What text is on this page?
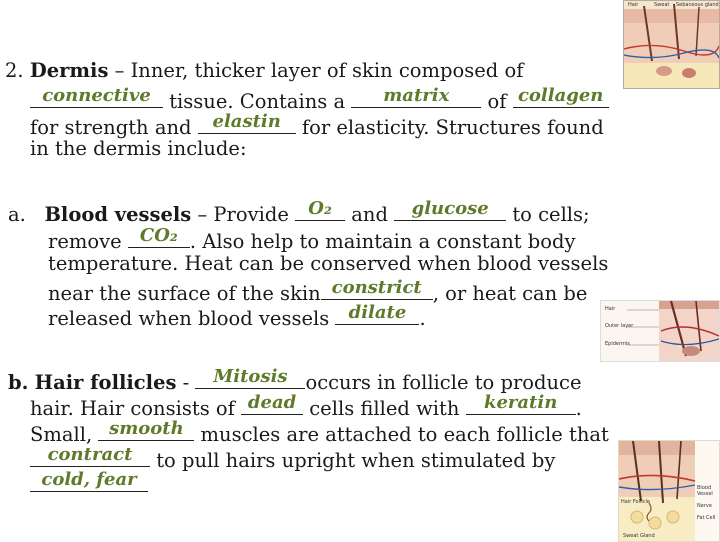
Hair	Sweat Sebaceous gland
Hair
Outer layer
Epidermis
Blood Vessel
Nerve
Fat Cell
Hair Follicle
Sweat Gland
2. Dermis – Inner, thicker layer of skin composed of
connective tissue. Contains a	matrix	of collagen
for strength and elastin for elasticity. Structures found
in the dermis include:
a. Blood vessels – Provide O₂ and glucose to cells;
remove CO₂ . Also help to maintain a constant body
temperature. Heat can be conserved when blood vessels
near the surface of the skin constrict , or heat can be
released when blood vessels dilate .
b. Hair follicles - Mitosis occurs in follicle to produce
hair. Hair consists of dead cells filled with	keratin .
Small, smooth muscles are attached to each follicle that
contract to pull hairs upright when stimulated by
cold, fear
